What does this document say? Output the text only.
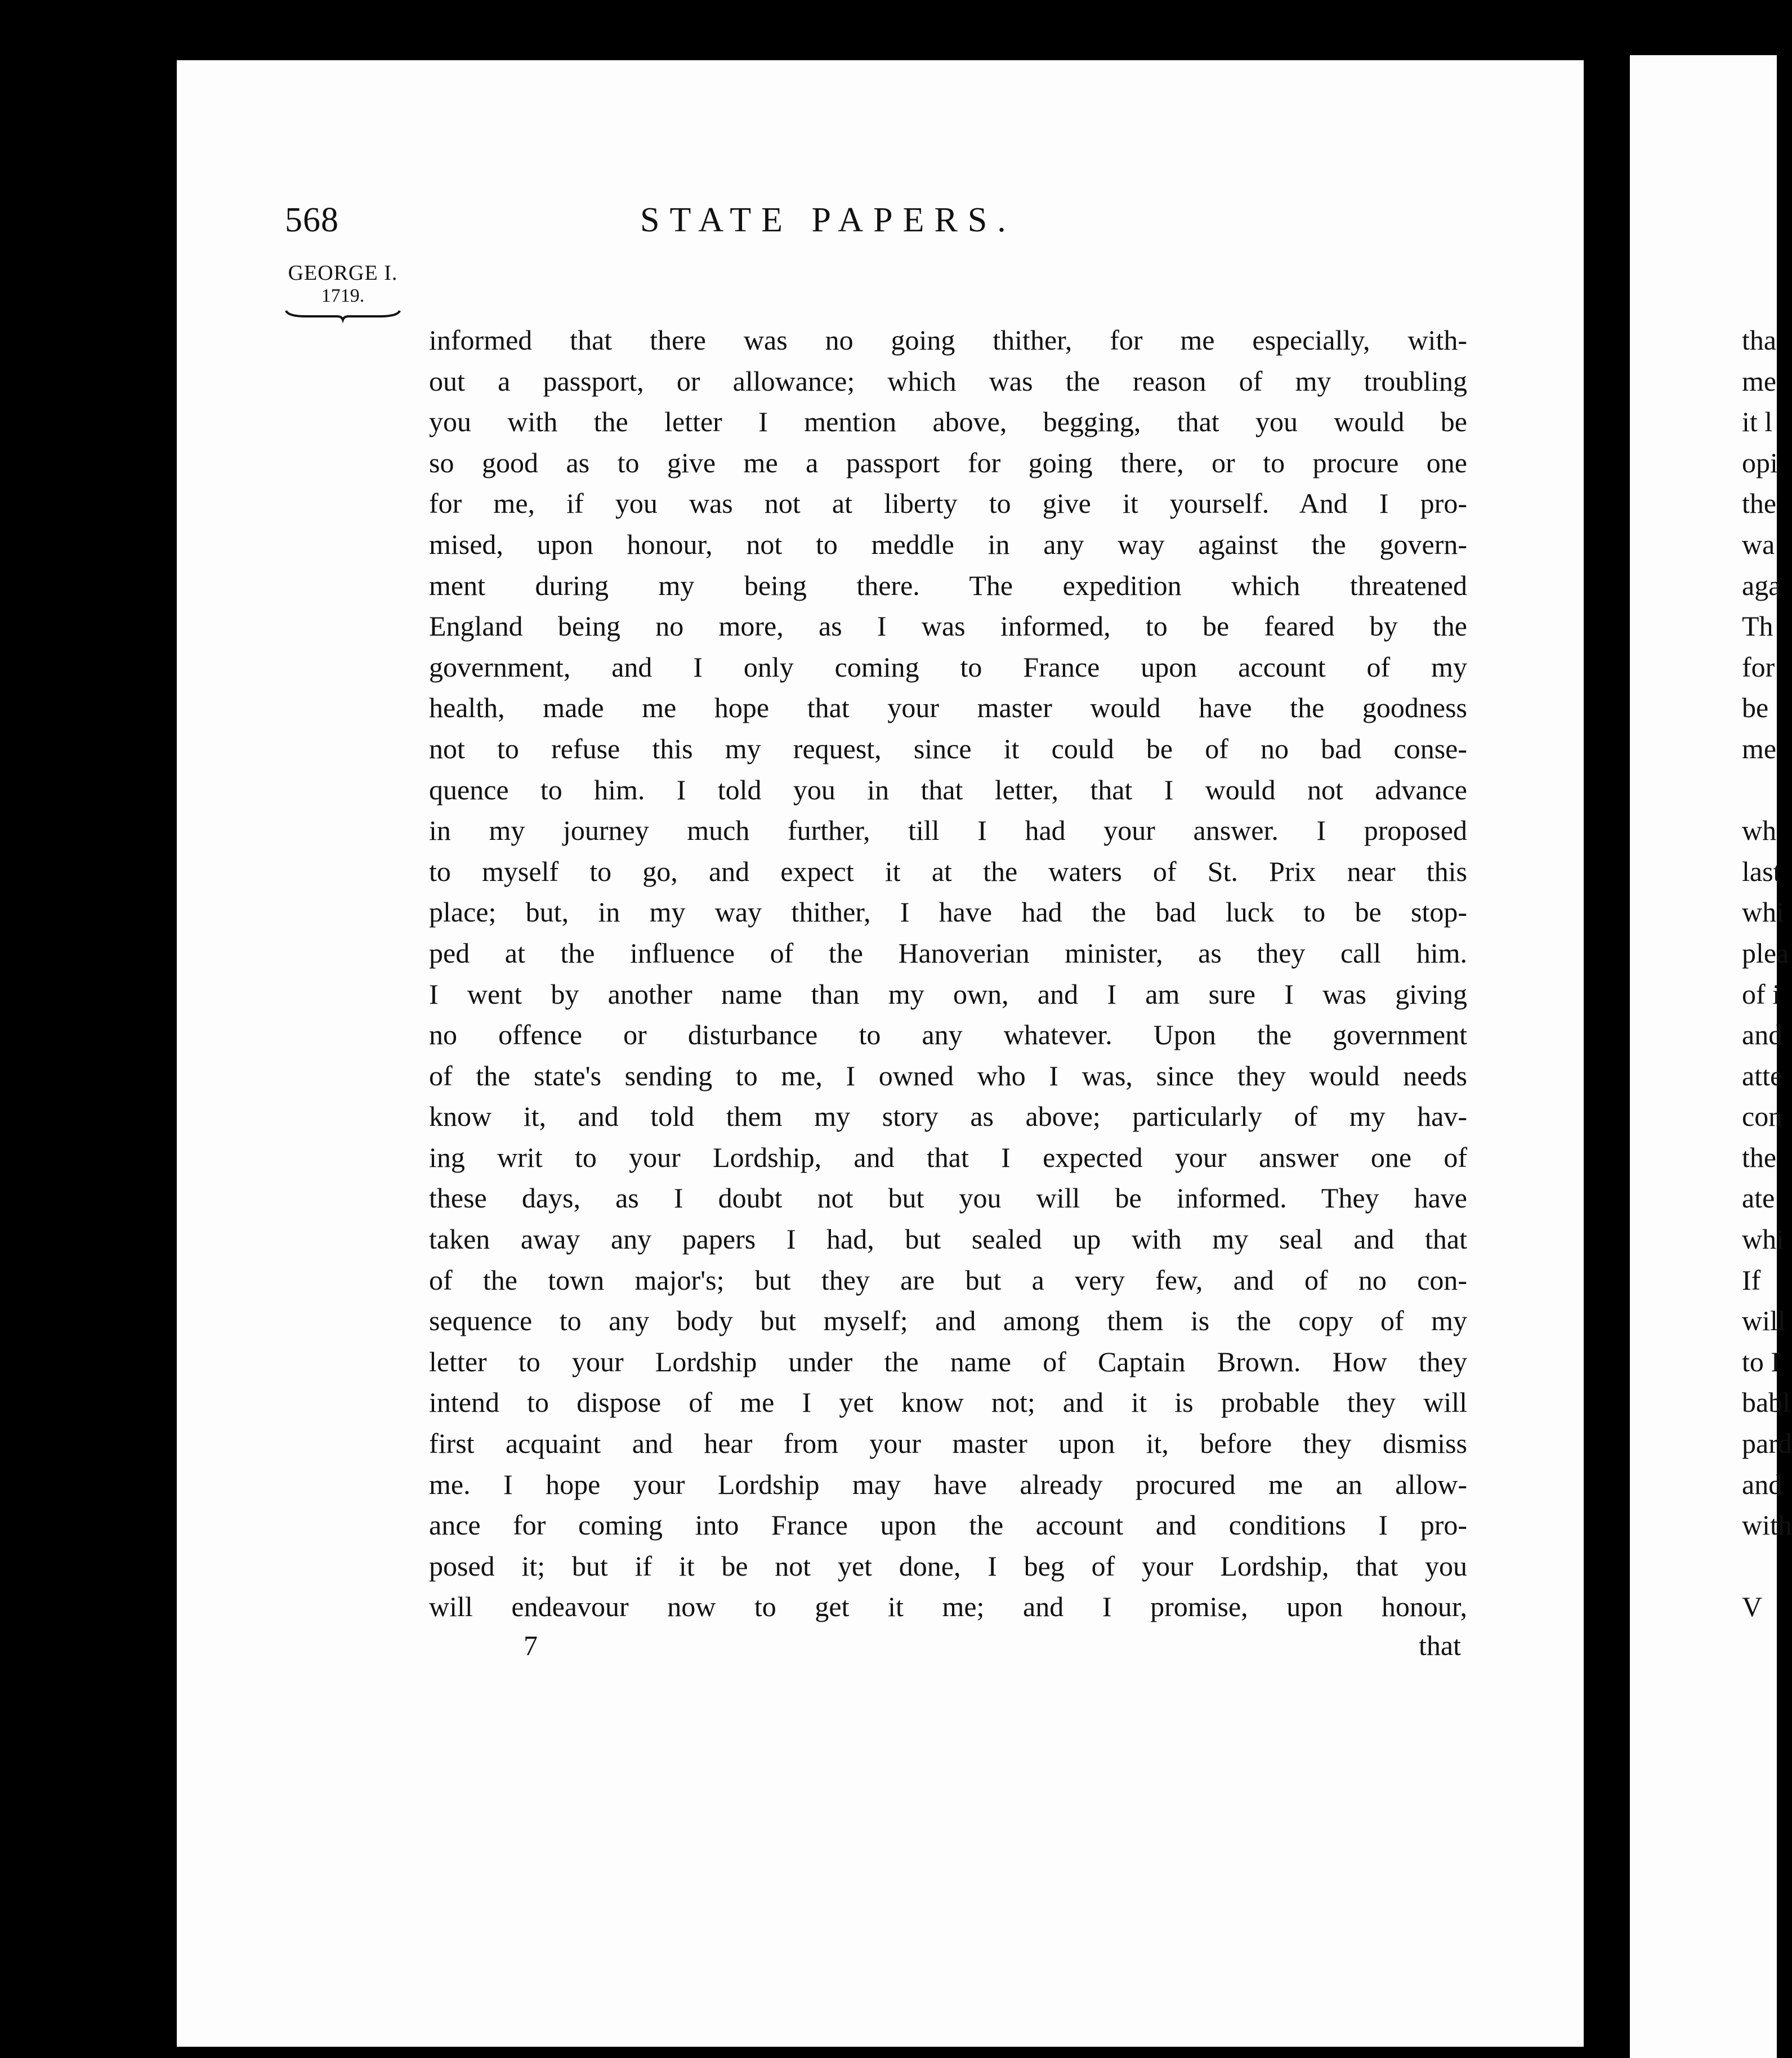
568	STATE PAPERS.
GEORGE I.
1719.
informed that there was no going thither, for me especially, with-
out a passport, or allowance; which was the reason of my troubling
you with the letter I mention above, begging, that you would be
so good as to give me a passport for going there, or to procure one
for me, if you was not at liberty to give it yourself. And I pro-
mised, upon honour, not to meddle in any way against the govern-
ment during my being there. The expedition which threatened
England being no more, as I was informed, to be feared by the
government, and I only coming to France upon account of my
health, made me hope that your master would have the goodness
not to refuse this my request, since it could be of no bad conse-
quence to him. I told you in that letter, that I would not advance
in my journey much further, till I had your answer. I proposed
to myself to go, and expect it at the waters of St. Prix near this
place; but, in my way thither, I have had the bad luck to be stop-
ped at the influence of the Hanoverian minister, as they call him.
I went by another name than my own, and I am sure I was giving
no offence or disturbance to any whatever. Upon the government
of the state's sending to me, I owned who I was, since they would needs
know it, and told them my story as above; particularly of my hav-
ing writ to your Lordship, and that I expected your answer one of
these days, as I doubt not but you will be informed. They have
taken away any papers I had, but sealed up with my seal and that
of the town major's; but they are but a very few, and of no con-
sequence to any body but myself; and among them is the copy of my
letter to your Lordship under the name of Captain Brown. How they
intend to dispose of me I yet know not; and it is probable they will
first acquaint and hear from your master upon it, before they dismiss
me. I hope your Lordship may have already procured me an allow-
ance for coming into France upon the account and conditions I pro-
posed it; but if it be not yet done, I beg of your Lordship, that you
will endeavour now to get it me; and I promise, upon honour,
7	that
tha
me
it l
opi
the
wa
aga
Th
for
be
me
wh
last
whi
plea
of i
and
atte
con
the
ate
whi
If
will
to I
babl
pard
and
with
V
